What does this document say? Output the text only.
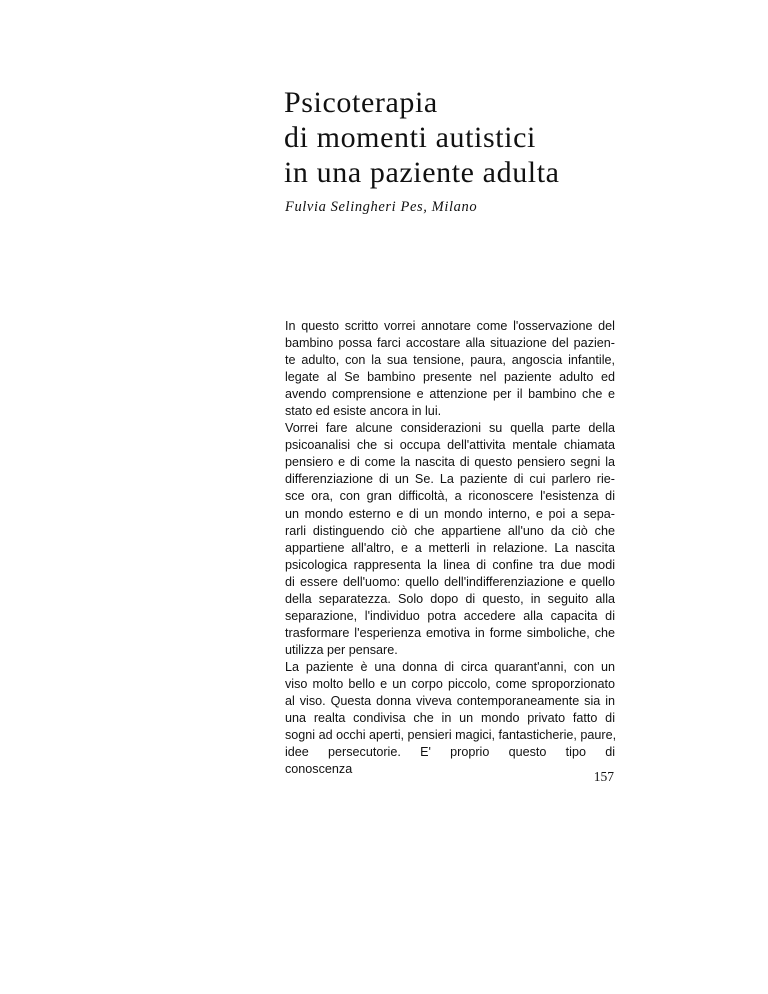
Psicoterapia
di momenti autistici
in una paziente adulta

Fulvia Selingheri Pes, Milano

In questo scritto vorrei annotare come l'osservazione del
bambino possa farci accostare alla situazione del pazien-
te adulto, con la sua tensione, paura, angoscia infantile,
legate al Se bambino presente nel paziente adulto ed
avendo comprensione e attenzione per il bambino che e
stato ed esiste ancora in lui.
Vorrei fare alcune considerazioni su quella parte della
psicoanalisi che si occupa dell'attivita mentale chiamata
pensiero e di come la nascita di questo pensiero segni la
differenziazione di un Se. La paziente di cui parlero rie-
sce ora, con gran difficoltà, a riconoscere l'esistenza di
un mondo esterno e di un mondo interno, e poi a sepa-
rarli distinguendo ciò che appartiene all'uno da ciò che
appartiene all'altro, e a metterli in relazione. La nascita
psicologica rappresenta la linea di confine tra due modi
di essere dell'uomo: quello dell'indifferenziazione e quello
della separatezza. Solo dopo di questo, in seguito alla
separazione, l'individuo potra accedere alla capacita di
trasformare l'esperienza emotiva in forme simboliche, che
utilizza per pensare.
La paziente è una donna di circa quarant'anni, con un
viso molto bello e un corpo piccolo, come sproporzionato
al viso. Questa donna viveva contemporaneamente sia in
una realta condivisa che in un mondo privato fatto di
sogni ad occhi aperti, pensieri magici, fantasticherie, paure,
idee persecutorie. E' proprio questo tipo di
conoscenza	157
